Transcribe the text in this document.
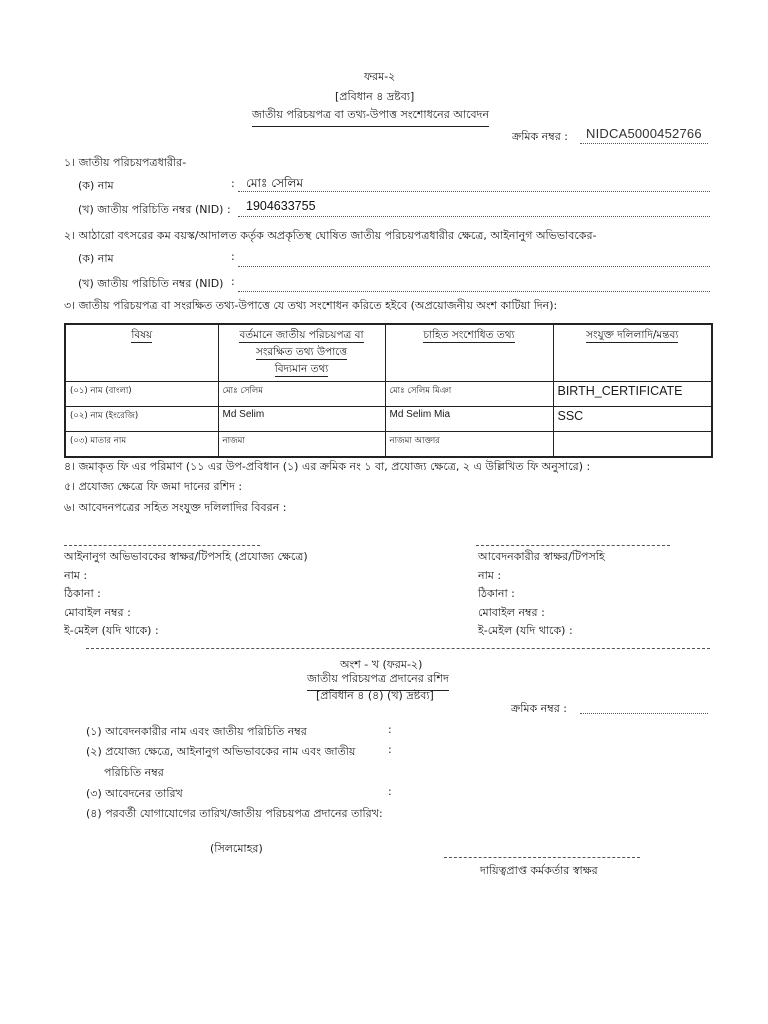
ফরম-২
[প্রবিধান ৪ দ্রষ্টব্য]
জাতীয় পরিচয়পত্র বা তথ্য-উপাত্ত সংশোধনের আবেদন
ক্রমিক নম্বর : NIDCA5000452766
১। জাতীয় পরিচয়পত্রধারীর-
(ক) নাম	: মোঃ সেলিম
(খ) জাতীয় পরিচিতি নম্বর (NID) : 1904633755
২। আঠারো বৎসরের কম বয়স্ক/আদালত কর্তৃক অপ্রকৃতিস্থ ঘোষিত জাতীয় পরিচয়পত্রধারীর ক্ষেত্রে, আইনানুগ অভিভাবকের-
(ক) নাম	:
(খ) জাতীয় পরিচিতি নম্বর (NID) :
৩। জাতীয় পরিচয়পত্র বা সংরক্ষিত তথ্য-উপাত্তে যে তথ্য সংশোধন করিতে হইবে (অপ্রয়োজনীয় অংশ কাটিয়া দিন):
বিষয়	বর্তমানে জাতীয় পরিচয়পত্র বা
সংরক্ষিত তথ্য উপাত্তে
বিদ্যমান তথ্য	চাহিত সংশোধিত তথ্য	সংযুক্ত দলিলাদি/মন্তব্য
(০১) নাম (বাংলা)	মোঃ সেলিম	মোঃ সেলিম মিঞা	BIRTH_CERTIFICATE
(০২) নাম (ইংরেজি)	Md Selim	Md Selim Mia	SSC
(০৩) মাতার নাম	নাজমা	নাজমা আক্তার	
৪। জমাকৃত ফি এর পরিমাণ (১১ এর উপ-প্রবিধান (১) এর ক্রমিক নং ১ বা, প্রযোজ্য ক্ষেত্রে, ২ এ উল্লিখিত ফি অনুসারে) :
৫। প্রযোজ্য ক্ষেত্রে ফি জমা দানের রশিদ :
৬। আবেদনপত্রের সহিত সংযুক্ত দলিলাদির বিবরন :
আইনানুগ অভিভাবকের স্বাক্ষর/টিপসহি (প্রযোজ্য ক্ষেত্রে)
নাম :
ঠিকানা :
মোবাইল নম্বর :
ই-মেইল (যদি থাকে) :
আবেদনকারীর স্বাক্ষর/টিপসহি
নাম :
ঠিকানা :
মোবাইল নম্বর :
ই-মেইল (যদি থাকে) :
অংশ - খ (ফরম-২)
জাতীয় পরিচয়পত্র প্রদানের রশিদ
[প্রবিধান ৪ (৪) (খ) দ্রষ্টব্য]
ক্রমিক নম্বর :
(১) আবেদনকারীর নাম এবং জাতীয় পরিচিতি নম্বর	:
(২) প্রযোজ্য ক্ষেত্রে, আইনানুগ অভিভাবকের নাম এবং জাতীয়	:
পরিচিতি নম্বর
(৩) আবেদনের তারিখ	:
(৪) পরবর্তী যোগাযোগের তারিখ/জাতীয় পরিচয়পত্র প্রদানের তারিখ:
(সিলমোহর)
দায়িত্বপ্রাপ্ত কর্মকর্তার স্বাক্ষর
